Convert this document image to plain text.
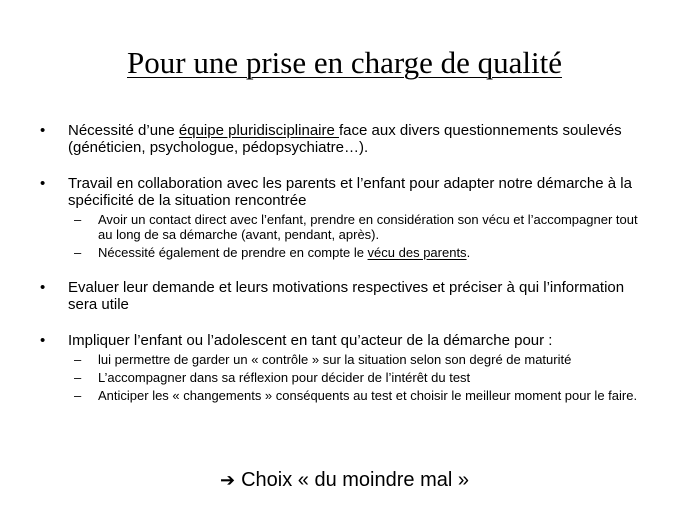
Pour une prise en charge de qualité
• Nécessité d’une équipe pluridisciplinaire face aux divers questionnements soulevés (généticien, psychologue, pédopsychiatre…).
• Travail en collaboration avec les parents et l’enfant pour adapter notre démarche à la spécificité de la situation rencontrée
– Avoir un contact direct avec l’enfant, prendre en considération son vécu et l’accompagner tout au long de sa démarche (avant, pendant, après).
– Nécessité également de prendre en compte le vécu des parents.
• Evaluer leur demande et leurs motivations respectives et préciser à qui l’information sera utile
• Impliquer l’enfant ou l’adolescent en tant qu’acteur de la démarche pour :
– lui permettre de garder un « contrôle » sur la situation selon son degré de maturité
– L’accompagner dans sa réflexion pour décider de l’intérêt du test
– Anticiper les « changements » conséquents au test et choisir le meilleur moment pour le faire.
➔ Choix « du moindre mal »
